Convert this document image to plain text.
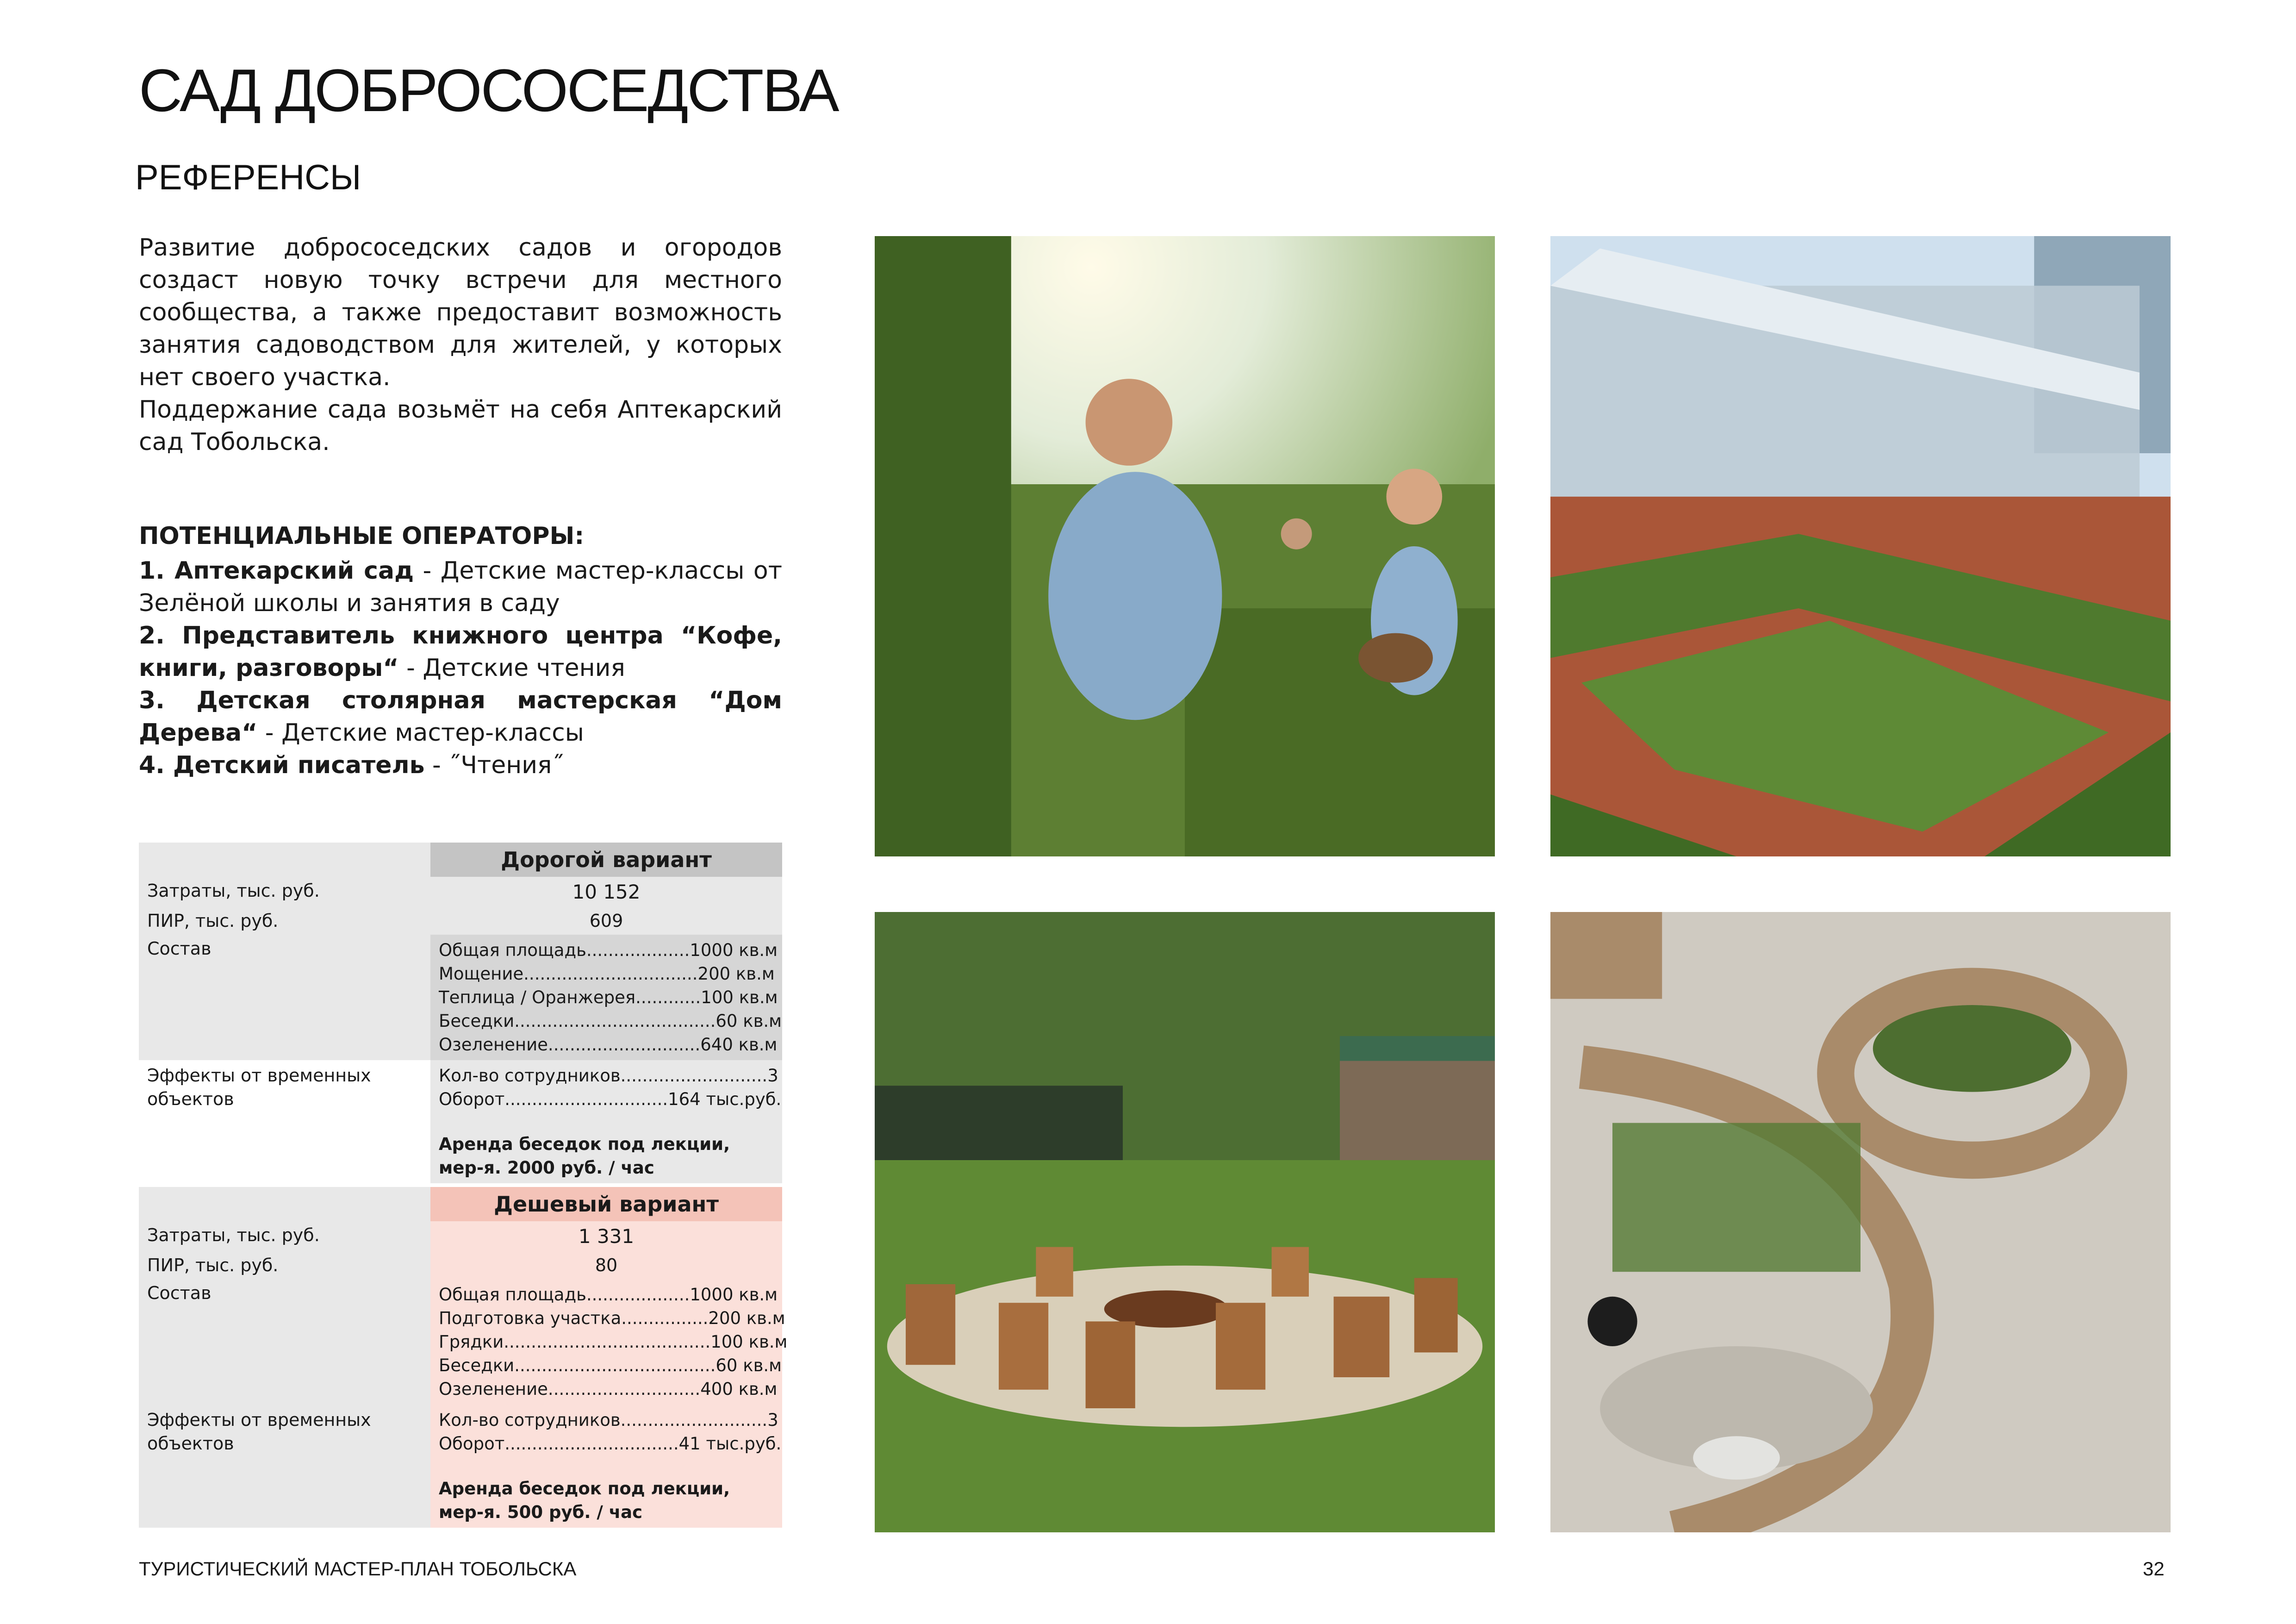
САД ДОБРОСОСЕДСТВА
РЕФЕРЕНСЫ
Развитие добрососедских садов и огородов создаст новую точку встречи для местного сообщества, а также предоставит возможность занятия садоводством для жителей, у которых нет своего участка.
Поддержание сада возьмёт на себя Аптекарский сад Тобольска.
ПОТЕНЦИАЛЬНЫЕ ОПЕРАТОРЫ:
1. Аптекарский сад - Детские мастер-классы от Зелёной школы и занятия в саду
2. Представитель книжного центра “Кофе, книги, разговоры“ - Детские чтения
3. Детская столярная мастерская “Дом Дерева“ - Детские мастер-классы
4. Детский писатель - ˝Чтения˝
Дорогой вариант
Затраты, тыс. руб.	10 152
ПИР, тыс. руб.	609
Состав	Общая площадь...................1000 кв.м
Мощение................................200 кв.м
Теплица / Оранжерея............100 кв.м
Беседки.....................................60 кв.м
Озеленение............................640 кв.м
Эффекты от временных объектов
Кол-во сотрудников...........................3
Оборот..............................164 тыс.руб.
Аренда беседок под лекции, мер-я. 2000 руб. / час
Дешевый вариант
Затраты, тыс. руб.	1 331
ПИР, тыс. руб.	80
Состав	Общая площадь...................1000 кв.м
Подготовка участка................200 кв.м
Грядки......................................100 кв.м
Беседки.....................................60 кв.м
Озеленение............................400 кв.м
Эффекты от временных объектов
Кол-во сотрудников...........................3
Оборот................................41 тыс.руб.
Аренда беседок под лекции, мер-я. 500 руб. / час
ТУРИСТИЧЕСКИЙ МАСТЕР-ПЛАН ТОБОЛЬСКА	32
